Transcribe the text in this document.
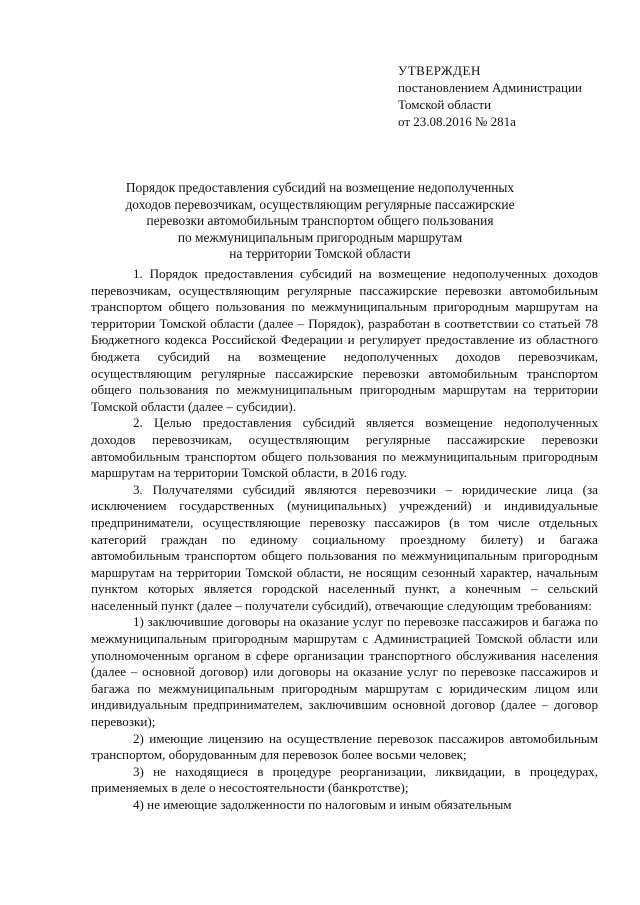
УТВЕРЖДЕН
постановлением Администрации
Томской области
от 23.08.2016 № 281а
Порядок предоставления субсидий на возмещение недополученных
доходов перевозчикам, осуществляющим регулярные пассажирские
перевозки автомобильным транспортом общего пользования
по межмуниципальным пригородным маршрутам
на территории Томской области

1. Порядок предоставления субсидий на возмещение недополученных доходов перевозчикам, осуществляющим регулярные пассажирские перевозки автомобильным транспортом общего пользования по межмуниципальным пригородным маршрутам на территории Томской области (далее – Порядок), разработан в соответствии со статьей 78 Бюджетного кодекса Российской Федерации и регулирует предоставление из областного бюджета субсидий на возмещение недополученных доходов перевозчикам, осуществляющим регулярные пассажирские перевозки автомобильным транспортом общего пользования по межмуниципальным пригородным маршрутам на территории Томской области (далее – субсидии).

2. Целью предоставления субсидий является возмещение недополученных доходов перевозчикам, осуществляющим регулярные пассажирские перевозки автомобильным транспортом общего пользования по межмуниципальным пригородным маршрутам на территории Томской области, в 2016 году.

3. Получателями субсидий являются перевозчики – юридические лица (за исключением государственных (муниципальных) учреждений) и индивидуальные предприниматели, осуществляющие перевозку пассажиров (в том числе отдельных категорий граждан по единому социальному проездному билету) и багажа автомобильным транспортом общего пользования по межмуниципальным пригородным маршрутам на территории Томской области, не носящим сезонный характер, начальным пунктом которых является городской населенный пункт, а конечным – сельский населенный пункт (далее – получатели субсидий), отвечающие следующим требованиям:

1) заключившие договоры на оказание услуг по перевозке пассажиров и багажа по межмуниципальным пригородным маршрутам с Администрацией Томской области или уполномоченным органом в сфере организации транспортного обслуживания населения (далее – основной договор) или договоры на оказание услуг по перевозке пассажиров и багажа по межмуниципальным пригородным маршрутам с юридическим лицом или индивидуальным предпринимателем, заключившим основной договор (далее – договор перевозки);

2) имеющие лицензию на осуществление перевозок пассажиров автомобильным транспортом, оборудованным для перевозок более восьми человек;

3) не находящиеся в процедуре реорганизации, ликвидации, в процедурах, применяемых в деле о несостоятельности (банкротстве);

4) не имеющие задолженности по налоговым и иным обязательным
